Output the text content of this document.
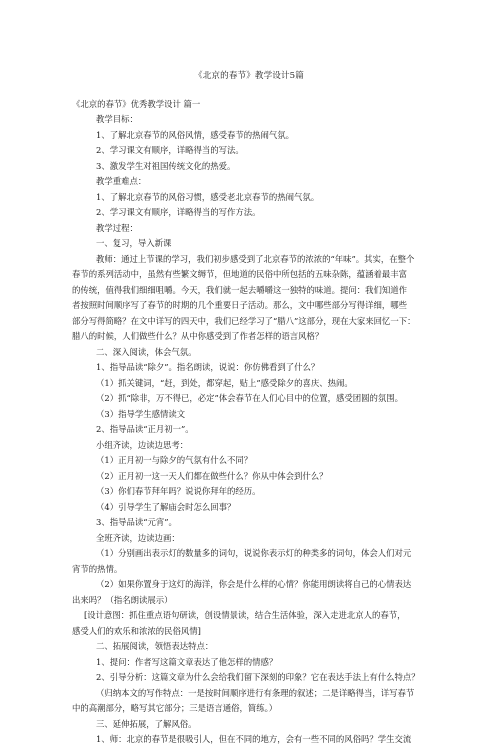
《北京的春节》教学设计5篇
《北京的春节》优秀教学设计 篇一
教学目标：
1、了解北京春节的风俗风情，感受春节的热闹气氛。
2、学习课文有顺序，详略得当的写法。
3、激发学生对祖国传统文化的热爱。
教学重难点：
1、了解北京春节的风俗习惯，感受老北京春节的热闹气氛。
2、学习课文有顺序，详略得当的写作方法。
教学过程：
一、复习，导入新课
教师：通过上节课的学习，我们初步感受到了北京春节的浓浓的“年味”。其实，在整个
春节的系列活动中，虽然有些繁文缛节，但地道的民俗中所包括的五味杂陈，蕴涵着最丰富
的传统，值得我们细细咀嚼。今天，我们就一起去嚼嚼这一独特的味道。提问：我们知道作
者按照时间顺序写了春节的时期的几个重要日子活动。那么，文中哪些部分写得详细，哪些
部分写得简略？在文中详写的四天中，我们已经学习了“腊八”这部分，现在大家来回忆一下：
腊八的时候，人们做些什么？从中你感受到了作者怎样的语言风格？
二、深入阅读，体会气氛。
1、指导品读“除夕”。指名朗读，说说：你仿佛看到了什么？
（1）抓关键词，“赶，到处，都穿起，贴上”感受除夕的喜庆、热闹。
（2）抓“除非，万不得已，必定”体会春节在人们心目中的位置，感受团圆的氛围。
（3）指导学生感情读文
2、指导品读“正月初一”。
小组齐读，边读边思考：
（1）正月初一与除夕的气氛有什么不同？
（2）正月初一这一天人们都在做些什么？你从中体会到什么？
（3）你们春节拜年吗？说说你拜年的经历。
（4）引导学生了解庙会时怎么回事？
3、指导品读“元宵”。
全班齐读，边读边画：
（1）分别画出表示灯的数量多的词句，说说你表示灯的种类多的词句，体会人们对元
宵节的热情。
（2）如果你置身于这灯的海洋，你会是什么样的心情？你能用朗读将自己的心情表达
出来吗？（指名朗读展示）
[设计意图：抓住重点语句研读，创设情景读，结合生活体验，深入走进北京人的春节，
感受人们的欢乐和浓浓的民俗风情]
二、拓展阅读，领悟表达特点：
1、提问：作者写这篇文章表达了他怎样的情感？
2、引导分析：这篇文章为什么会给我们留下深刻的印象？它在表达手法上有什么特点？
（归纳本文的写作特点：一是按时间顺序进行有条理的叙述；二是详略得当，详写春节
中的高潮部分，略写其它部分；三是语言通俗，简练。）
三、延伸拓展，了解风俗。
1、师：北京的春节是很吸引人，但在不同的地方，会有一些不同的风俗吗？学生交流
